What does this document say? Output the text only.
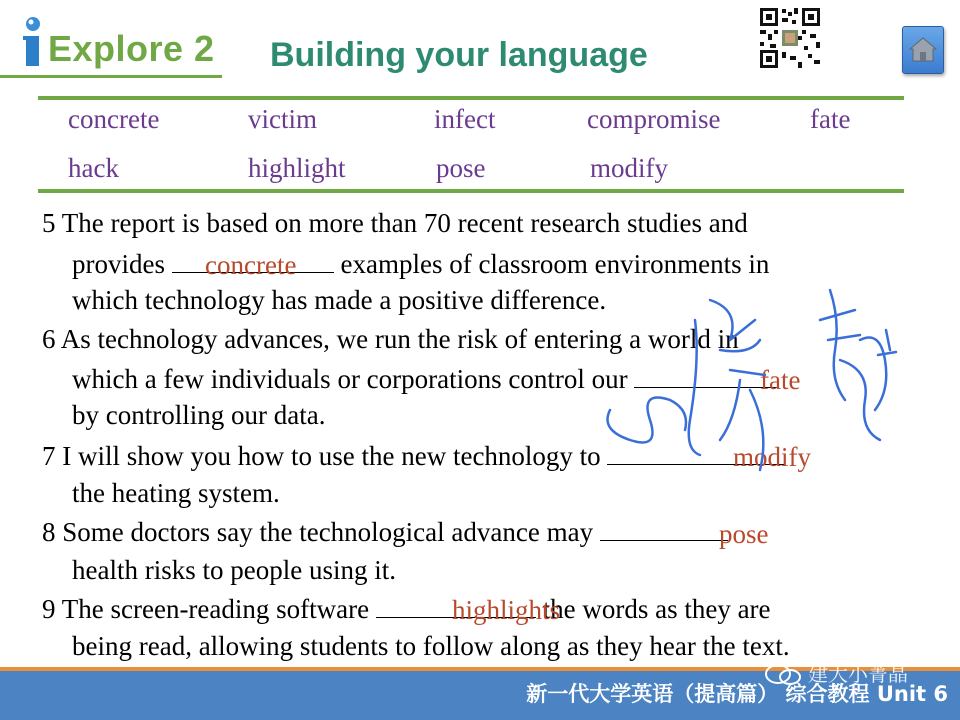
Explore 2 Building your language
concrete	victim	infect	compromise	fate
hack	highlight	pose	modify
5 The report is based on more than 70 recent research studies and
provides	examples of classroom environments in
concrete
which technology has made a positive difference.
6 As technology advances, we run the risk of entering a world in
which a few individuals or corporations control our	fate
by controlling our data.
7 I will show you how to use the new technology to	modify
the heating system.
8 Some doctors say the technological advance may	pose
health risks to people using it.
9 The screen-reading software	the words as they are
highlights
being read, allowing students to follow along as they hear the text.
建大小菁晶
新一代大学英语（提高篇） 综合教程 Unit 6
